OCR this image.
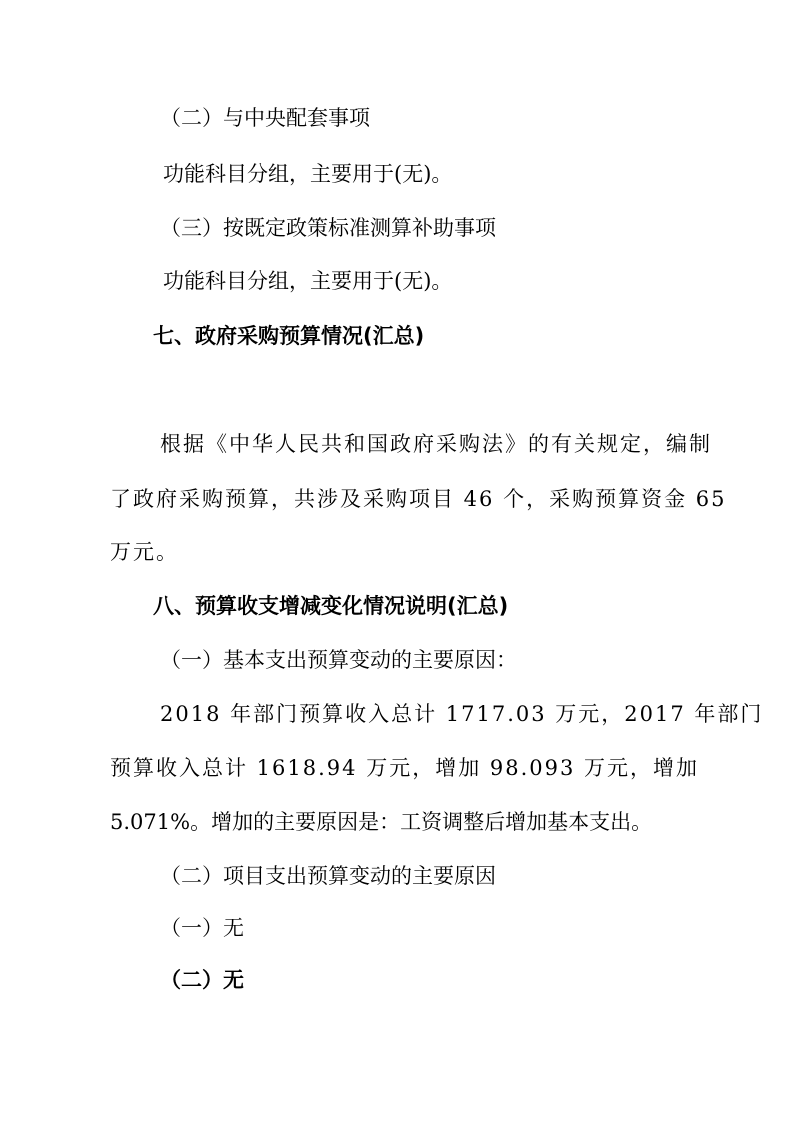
（二）与中央配套事项

功能科目分组，主要用于(无)。

（三）按既定政策标准测算补助事项

功能科目分组，主要用于(无)。

七、政府采购预算情况(汇总)

根据《中华人民共和国政府采购法》的有关规定，编制

了政府采购预算，共涉及采购项目 46 个，采购预算资金 65

万元。

八、预算收支增减变化情况说明(汇总)

（一）基本支出预算变动的主要原因：

2018 年部门预算收入总计 1717.03 万元，2017 年部门

预算收入总计 1618.94 万元，增加 98.093 万元，增加

5.071%。增加的主要原因是：工资调整后增加基本支出。

（二）项目支出预算变动的主要原因

（一）无

（二）无
